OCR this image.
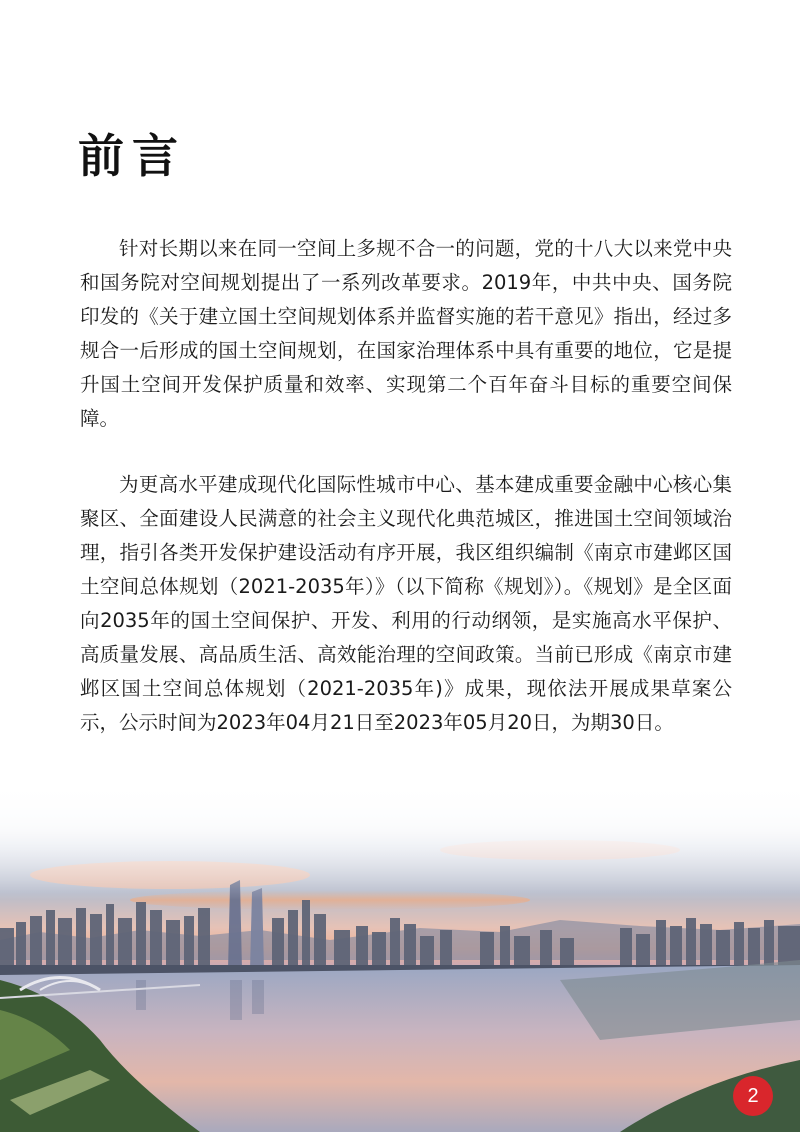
前言

针对长期以来在同一空间上多规不合一的问题，党的十八大以来党中央和国务院对空间规划提出了一系列改革要求。2019年，中共中央、国务院印发的《关于建立国土空间规划体系并监督实施的若干意见》指出，经过多规合一后形成的国土空间规划，在国家治理体系中具有重要的地位，它是提升国土空间开发保护质量和效率、实现第二个百年奋斗目标的重要空间保障。

为更高水平建成现代化国际性城市中心、基本建成重要金融中心核心集聚区、全面建设人民满意的社会主义现代化典范城区，推进国土空间领域治理，指引各类开发保护建设活动有序开展，我区组织编制《南京市建邺区国土空间总体规划（2021-2035年）》（以下简称《规划》）。《规划》是全区面向2035年的国土空间保护、开发、利用的行动纲领，是实施高水平保护、高质量发展、高品质生活、高效能治理的空间政策。当前已形成《南京市建邺区国土空间总体规划（2021-2035年)》成果，现依法开展成果草案公示，公示时间为2023年04月21日至2023年05月20日，为期30日。

2
